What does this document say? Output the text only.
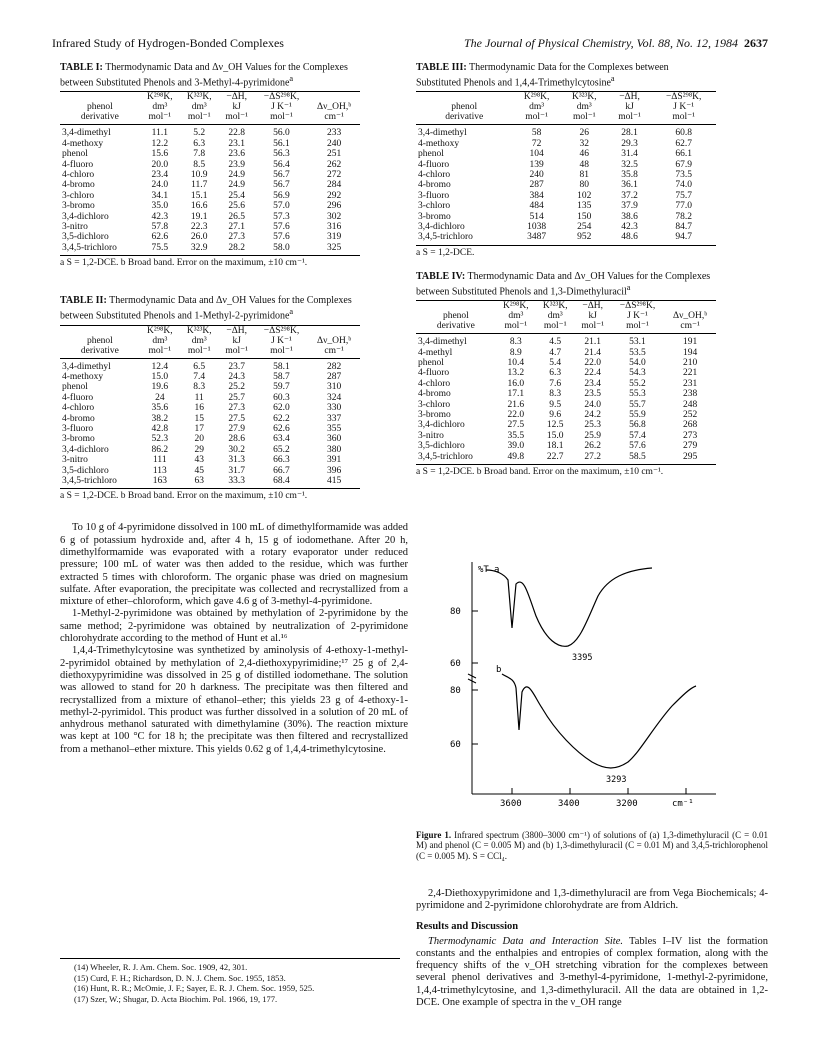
Infrared Study of Hydrogen-Bonded Complexes	The Journal of Physical Chemistry, Vol. 88, No. 12, 1984 2637
TABLE I: Thermodynamic Data and Δν_OH Values for the Complexes between Substituted Phenols and 3-Methyl-4-pyrimidone$^a$
	K²⁹⁸K,	K³²³K,	−ΔH,	−ΔS²⁹⁸K,	
phenol	dm³	dm³	kJ	J K⁻¹	Δν_OH,ᵇ
derivative	mol⁻¹	mol⁻¹	mol⁻¹	mol⁻¹	cm⁻¹
3,4-dimethyl	11.1	5.2	22.8	56.0	233
4-methoxy	12.2	6.3	23.1	56.1	240
phenol	15.6	7.8	23.6	56.3	251
4-fluoro	20.0	8.5	23.9	56.4	262
4-chloro	23.4	10.9	24.9	56.7	272
4-bromo	24.0	11.7	24.9	56.7	284
3-chloro	34.1	15.1	25.4	56.9	292
3-bromo	35.0	16.6	25.6	57.0	296
3,4-dichloro	42.3	19.1	26.5	57.3	302
3-nitro	57.8	22.3	27.1	57.6	316
3,5-dichloro	62.6	26.0	27.3	57.6	319
3,4,5-trichloro	75.5	32.9	28.2	58.0	325
a S = 1,2-DCE. b Broad band. Error on the maximum, ±10 cm⁻¹.
TABLE II: Thermodynamic Data and Δν_OH Values for the Complexes between Substituted Phenols and 1-Methyl-2-pyrimidone$^a$
	K²⁹⁸K,	K³²³K,	−ΔH,	−ΔS²⁹⁸K,	
phenol	dm³	dm³	kJ	J K⁻¹	Δν_OH,ᵇ
derivative	mol⁻¹	mol⁻¹	mol⁻¹	mol⁻¹	cm⁻¹
3,4-dimethyl	12.4	6.5	23.7	58.1	282
4-methoxy	15.0	7.4	24.3	58.7	287
phenol	19.6	8.3	25.2	59.7	310
4-fluoro	24	11	25.7	60.3	324
4-chloro	35.6	16	27.3	62.0	330
4-bromo	38.2	15	27.5	62.2	337
3-fluoro	42.8	17	27.9	62.6	355
3-bromo	52.3	20	28.6	63.4	360
3,4-dichloro	86.2	29	30.2	65.2	380
3-nitro	111	43	31.3	66.3	391
3,5-dichloro	113	45	31.7	66.7	396
3,4,5-trichloro	163	63	33.3	68.4	415
a S = 1,2-DCE. b Broad band. Error on the maximum, ±10 cm⁻¹.

To 10 g of 4-pyrimidone dissolved in 100 mL of dimethylformamide was added 6 g of potassium hydroxide and, after 4 h, 15 g of iodomethane. After 20 h, dimethylformamide was evaporated with a rotary evaporator under reduced pressure; 100 mL of water was then added to the residue, which was further extracted 5 times with chloroform. The organic phase was dried on magnesium sulfate. After evaporation, the precipitate was collected and recrystallized from a mixture of ether–chloroform, which gave 4.6 g of 3-methyl-4-pyrimidone.

1-Methyl-2-pyrimidone was obtained by methylation of 2-pyrimidone by the same method; 2-pyrimidone was obtained by neutralization of 2-pyrimidone chlorohydrate according to the method of Hunt et al.¹⁶

1,4,4-Trimethylcytosine was synthetized by aminolysis of 4-ethoxy-1-methyl-2-pyrimidol obtained by methylation of 2,4-diethoxypyrimidine;¹⁷ 25 g of 2,4-diethoxypyrimidine was dissolved in 25 g of distilled iodomethane. The solution was allowed to stand for 20 h darkness. The precipitate was then filtered and recrystallized from a mixture of ethanol–ether; this yields 23 g of 4-ethoxy-1-methyl-2-pyrimidol. This product was further dissolved in a solution of 20 mL of anhydrous methanol saturated with dimethylamine (30%). The reaction mixture was kept at 100 °C for 18 h; the precipitate was then filtered and recrystallized from a methanol–ether mixture. This yields 0.62 g of 1,4,4-trimethylcytosine.

(14) Wheeler, R. J. Am. Chem. Soc. 1909, 42, 301.
(15) Curd, F. H.; Richardson, D. N. J. Chem. Soc. 1955, 1853.
(16) Hunt, R. R.; McOmie, J. F.; Sayer, E. R. J. Chem. Soc. 1959, 525.
(17) Szer, W.; Shugar, D. Acta Biochim. Pol. 1966, 19, 177.
TABLE III: Thermodynamic Data for the Complexes between Substituted Phenols and 1,4,4-Trimethylcytosine$^a$
	K²⁹⁸K,	K³²³K,	−ΔH,	−ΔS²⁹⁸K,
phenol	dm³	dm³	kJ	J K⁻¹
derivative	mol⁻¹	mol⁻¹	mol⁻¹	mol⁻¹
3,4-dimethyl	58	26	28.1	60.8
4-methoxy	72	32	29.3	62.7
phenol	104	46	31.4	66.1
4-fluoro	139	48	32.5	67.9
4-chloro	240	81	35.8	73.5
4-bromo	287	80	36.1	74.0
3-fluoro	384	102	37.2	75.7
3-chloro	484	135	37.9	77.0
3-bromo	514	150	38.6	78.2
3,4-dichloro	1038	254	42.3	84.7
3,4,5-trichloro	3487	952	48.6	94.7
a S = 1,2-DCE.
TABLE IV: Thermodynamic Data and Δν_OH Values for the Complexes between Substituted Phenols and 1,3-Dimethyluracil$^a$
	K²⁹⁸K,	K³²³K,	−ΔH,	−ΔS²⁹⁸K,	
phenol	dm³	dm³	kJ	J K⁻¹	Δν_OH,ᵇ
derivative	mol⁻¹	mol⁻¹	mol⁻¹	mol⁻¹	cm⁻¹
3,4-dimethyl	8.3	4.5	21.1	53.1	191
4-methyl	8.9	4.7	21.4	53.5	194
phenol	10.4	5.4	22.0	54.0	210
4-fluoro	13.2	6.3	22.4	54.3	221
4-chloro	16.0	7.6	23.4	55.2	231
4-bromo	17.1	8.3	23.5	55.3	238
3-chloro	21.6	9.5	24.0	55.7	248
3-bromo	22.0	9.6	24.2	55.9	252
3,4-dichloro	27.5	12.5	25.3	56.8	268
3-nitro	35.5	15.0	25.9	57.4	273
3,5-dichloro	39.0	18.1	26.2	57.6	279
3,4,5-trichloro	49.8	22.7	27.2	58.5	295
a S = 1,2-DCE. b Broad band. Error on the maximum, ±10 cm⁻¹.
%T a
b
80
60
80
60
3600	3400	3200	cm⁻¹
3395
3293
Figure 1. Infrared spectrum (3800–3000 cm⁻¹) of solutions of (a) 1,3-dimethyluracil (C = 0.01 M) and phenol (C = 0.005 M) and (b) 1,3-dimethyluracil (C = 0.01 M) and 3,4,5-trichlorophenol (C = 0.005 M). S = CCl₄.

2,4-Diethoxypyrimidone and 1,3-dimethyluracil are from Vega Biochemicals; 4-pyrimidone and 2-pyrimidone chlorohydrate are from Aldrich.

Results and Discussion

Thermodynamic Data and Interaction Site. Tables I–IV list the formation constants and the enthalpies and entropies of complex formation, along with the frequency shifts of the ν_OH stretching vibration for the complexes between several phenol derivatives and 3-methyl-4-pyrimidone, 1-methyl-2-pyrimidone, 1,4,4-trimethylcytosine, and 1,3-dimethyluracil. All the data are obtained in 1,2-DCE. One example of spectra in the ν_OH range
